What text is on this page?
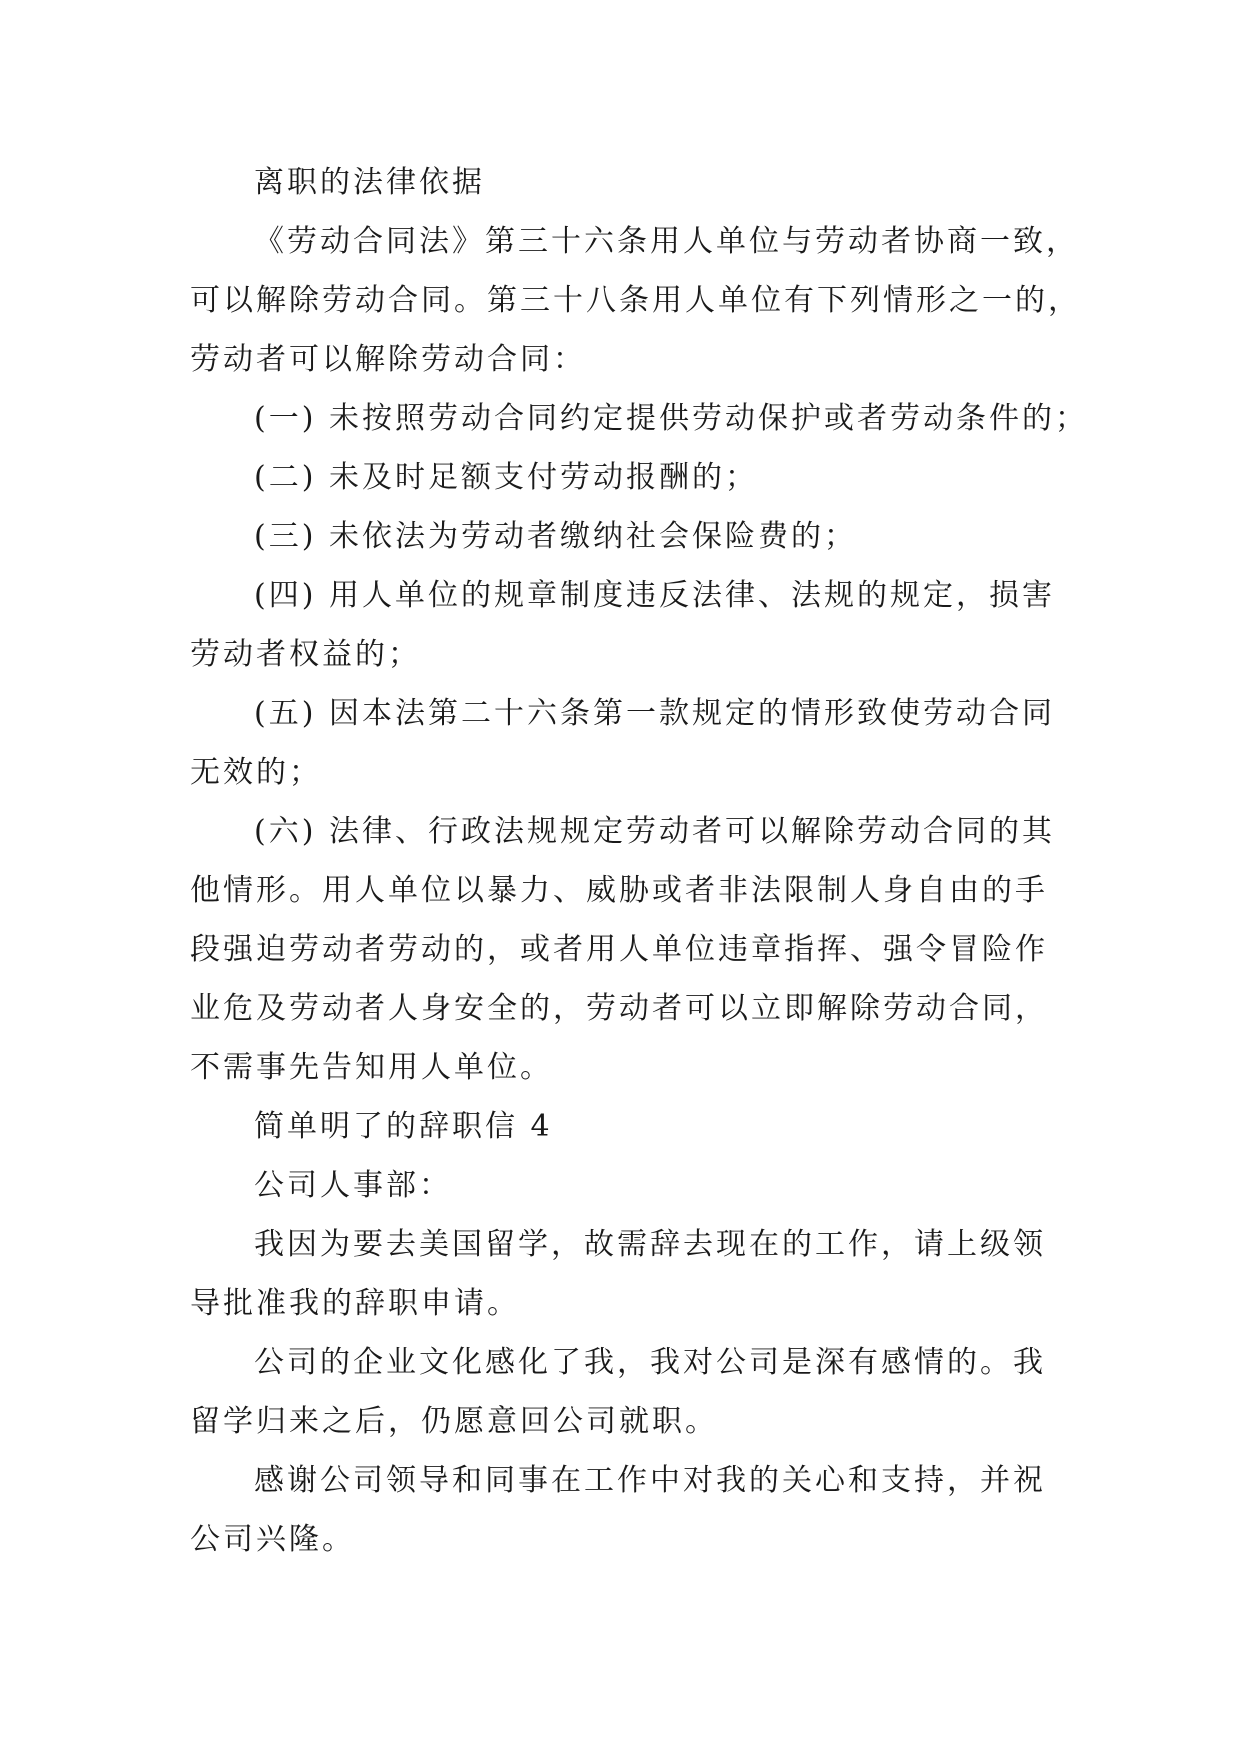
离职的法律依据
《劳动合同法》第三十六条用人单位与劳动者协商一致，
可以解除劳动合同。第三十八条用人单位有下列情形之一的，
劳动者可以解除劳动合同：
(一) 未按照劳动合同约定提供劳动保护或者劳动条件的；
(二) 未及时足额支付劳动报酬的；
(三) 未依法为劳动者缴纳社会保险费的；
(四) 用人单位的规章制度违反法律、法规的规定，损害
劳动者权益的；
(五) 因本法第二十六条第一款规定的情形致使劳动合同
无效的；
(六) 法律、行政法规规定劳动者可以解除劳动合同的其
他情形。用人单位以暴力、威胁或者非法限制人身自由的手
段强迫劳动者劳动的，或者用人单位违章指挥、强令冒险作
业危及劳动者人身安全的，劳动者可以立即解除劳动合同，
不需事先告知用人单位。
简单明了的辞职信 4
公司人事部：
我因为要去美国留学，故需辞去现在的工作，请上级领
导批准我的辞职申请。
公司的企业文化感化了我，我对公司是深有感情的。我
留学归来之后，仍愿意回公司就职。
感谢公司领导和同事在工作中对我的关心和支持，并祝
公司兴隆。
